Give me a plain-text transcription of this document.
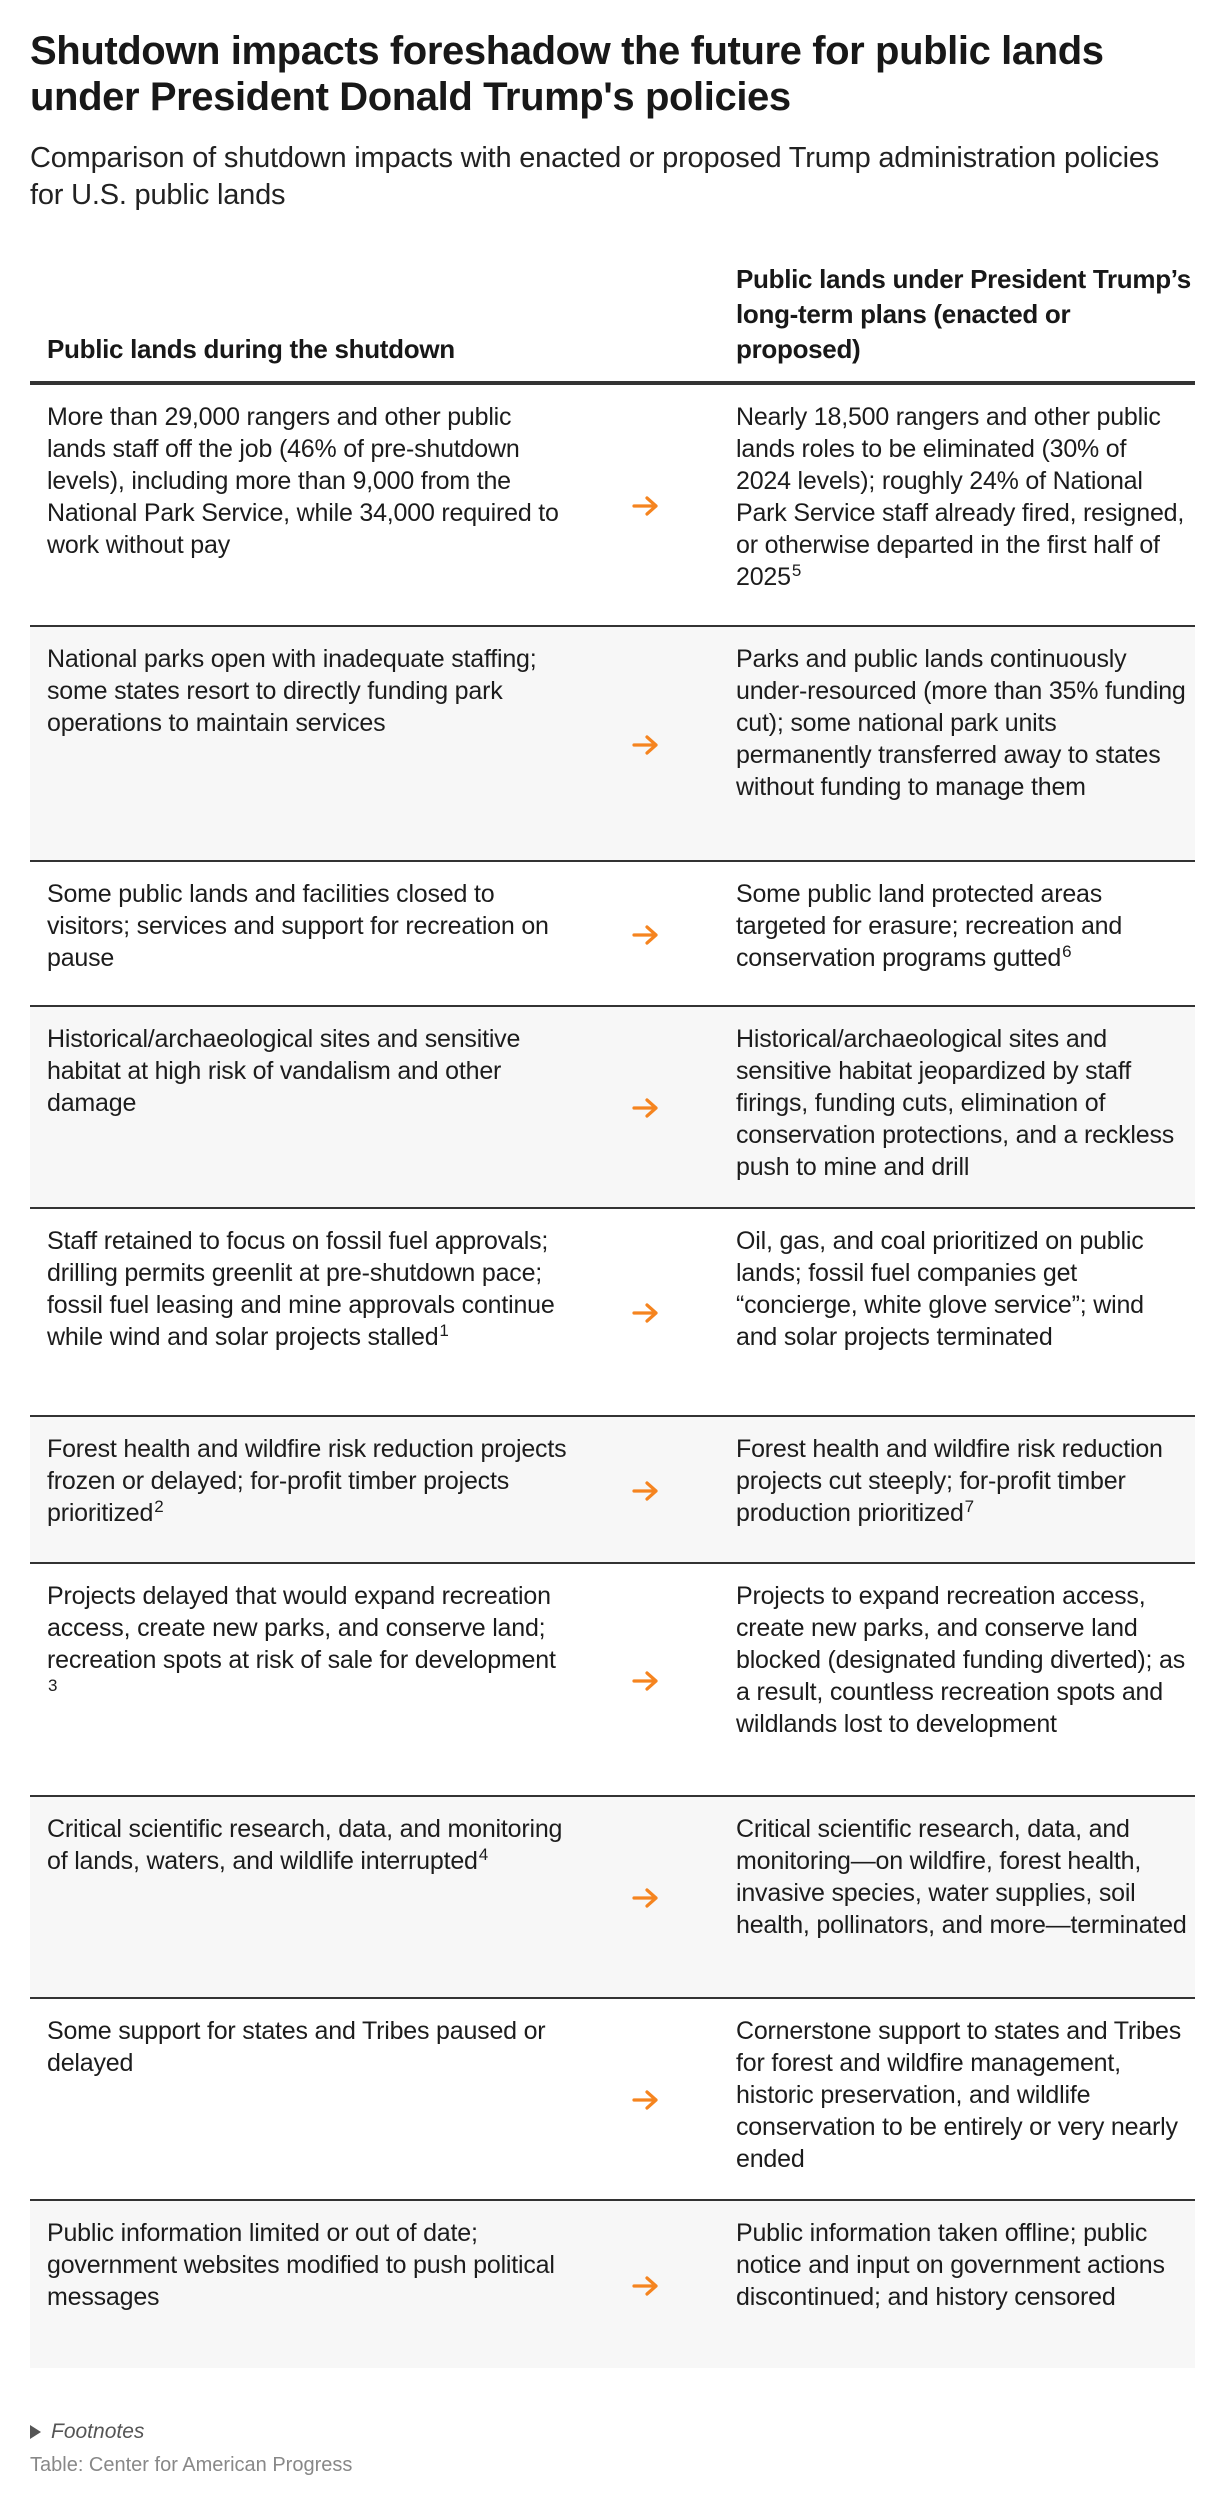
Shutdown impacts foreshadow the future for public lands under President Donald Trump's policies

Comparison of shutdown impacts with enacted or proposed Trump administration policies for U.S. public lands

Public lands during the shutdown		Public lands under President Trump’s long-term plans (enacted or proposed)
More than 29,000 rangers and other public lands staff off the job (46% of pre-shutdown levels), including more than 9,000 from the National Park Service, while 34,000 required to work without pay		Nearly 18,500 rangers and other public lands roles to be eliminated (30% of 2024 levels); roughly 24% of National Park Service staff already fired, resigned, or otherwise departed in the first half of 2025$^5$
National parks open with inadequate staffing; some states resort to directly funding park operations to maintain services		Parks and public lands continuously under-resourced (more than 35% funding cut); some national park units permanently transferred away to states without funding to manage them
Some public lands and facilities closed to visitors; services and support for recreation on pause		Some public land protected areas targeted for erasure; recreation and conservation programs gutted$^6$
Historical/archaeological sites and sensitive habitat at high risk of vandalism and other damage		Historical/archaeological sites and sensitive habitat jeopardized by staff firings, funding cuts, elimination of conservation protections, and a reckless push to mine and drill
Staff retained to focus on fossil fuel approvals; drilling permits greenlit at pre-shutdown pace; fossil fuel leasing and mine approvals continue while wind and solar projects stalled$^1$		Oil, gas, and coal prioritized on public lands; fossil fuel companies get “concierge, white glove service”; wind and solar projects terminated
Forest health and wildfire risk reduction projects frozen or delayed; for-profit timber projects prioritized$^2$		Forest health and wildfire risk reduction projects cut steeply; for-profit timber production prioritized$^7$
Projects delayed that would expand recreation access, create new parks, and conserve land; recreation spots at risk of sale for development $^3$		Projects to expand recreation access, create new parks, and conserve land blocked (designated funding diverted); as a result, countless recreation spots and wildlands lost to development
Critical scientific research, data, and monitoring of lands, waters, and wildlife interrupted$^4$		Critical scientific research, data, and monitoring—on wildfire, forest health, invasive species, water supplies, soil health, pollinators, and more—terminated
Some support for states and Tribes paused or delayed		Cornerstone support to states and Tribes for forest and wildfire management, historic preservation, and wildlife conservation to be entirely or very nearly ended
Public information limited or out of date; government websites modified to push political messages		Public information taken offline; public notice and input on government actions discontinued; and history censored
Footnotes
Table: Center for American Progress
